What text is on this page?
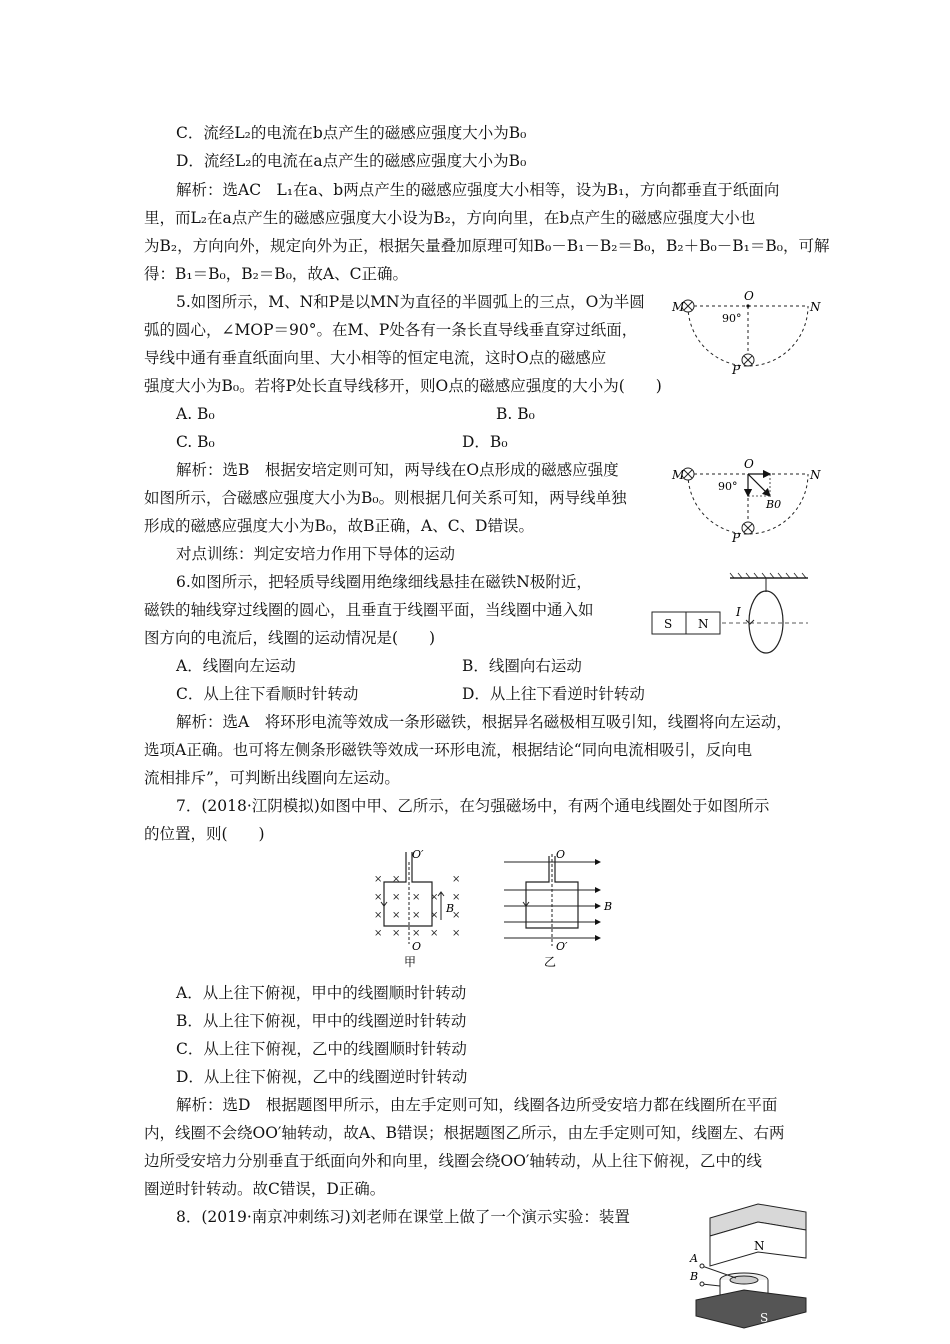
C．流经L₂的电流在b点产生的磁感应强度大小为B₀
D．流经L₂的电流在a点产生的磁感应强度大小为B₀
解析：选AC　L₁在a、b两点产生的磁感应强度大小相等，设为B₁，方向都垂直于纸面向
里，而L₂在a点产生的磁感应强度大小设为B₂，方向向里，在b点产生的磁感应强度大小也
为B₂，方向向外，规定向外为正，根据矢量叠加原理可知B₀－B₁－B₂＝B₀，B₂＋B₀－B₁＝B₀，可解
得：B₁＝B₀，B₂＝B₀，故A、C正确。
5.如图所示，M、N和P是以MN为直径的半圆弧上的三点，O为半圆
弧的圆心，∠MOP＝90°。在M、P处各有一条长直导线垂直穿过纸面，
导线中通有垂直纸面向里、大小相等的恒定电流，这时O点的磁感应
强度大小为B₀。若将P处长直导线移开，则O点的磁感应强度的大小为(　　)
A. B₀	B. B₀
C. B₀	D．B₀
解析：选B　根据安培定则可知，两导线在O点形成的磁感应强度
如图所示，合磁感应强度大小为B₀。则根据几何关系可知，两导线单独
形成的磁感应强度大小为B₀，故B正确，A、C、D错误。
M
O
N
P
90°
M
O
N
P
90°
B0
对点训练：判定安培力作用下导体的运动
6.如图所示，把轻质导线圈用绝缘细线悬挂在磁铁N极附近，
磁铁的轴线穿过线圈的圆心，且垂直于线圈平面，当线圈中通入如
图方向的电流后，线圈的运动情况是(　　)
A．线圈向左运动	B．线圈向右运动
C．从上往下看顺时针转动	D．从上往下看逆时针转动
解析：选A　将环形电流等效成一条形磁铁，根据异名磁极相互吸引知，线圈将向左运动，
选项A正确。也可将左侧条形磁铁等效成一环形电流，根据结论“同向电流相吸引，反向电
流相排斥”，可判断出线圈向左运动。
S N
I
7．(2018·江阴模拟)如图中甲、乙所示，在匀强磁场中，有两个通电线圈处于如图所示
的位置，则(　　)
×
×
×
×
×
×
×
×
×
×
×
×
×
×
×
×
×
×
O′
O
B
甲
O
O′
B
乙
A．从上往下俯视，甲中的线圈顺时针转动
B．从上往下俯视，甲中的线圈逆时针转动
C．从上往下俯视，乙中的线圈顺时针转动
D．从上往下俯视，乙中的线圈逆时针转动
解析：选D　根据题图甲所示，由左手定则可知，线圈各边所受安培力都在线圈所在平面
内，线圈不会绕OO′轴转动，故A、B错误；根据题图乙所示，由左手定则可知，线圈左、右两
边所受安培力分别垂直于纸面向外和向里，线圈会绕OO′轴转动，从上往下俯视，乙中的线
圈逆时针转动。故C错误，D正确。
8．(2019·南京冲刺练习)刘老师在课堂上做了一个演示实验：装置
N
S
A
B
